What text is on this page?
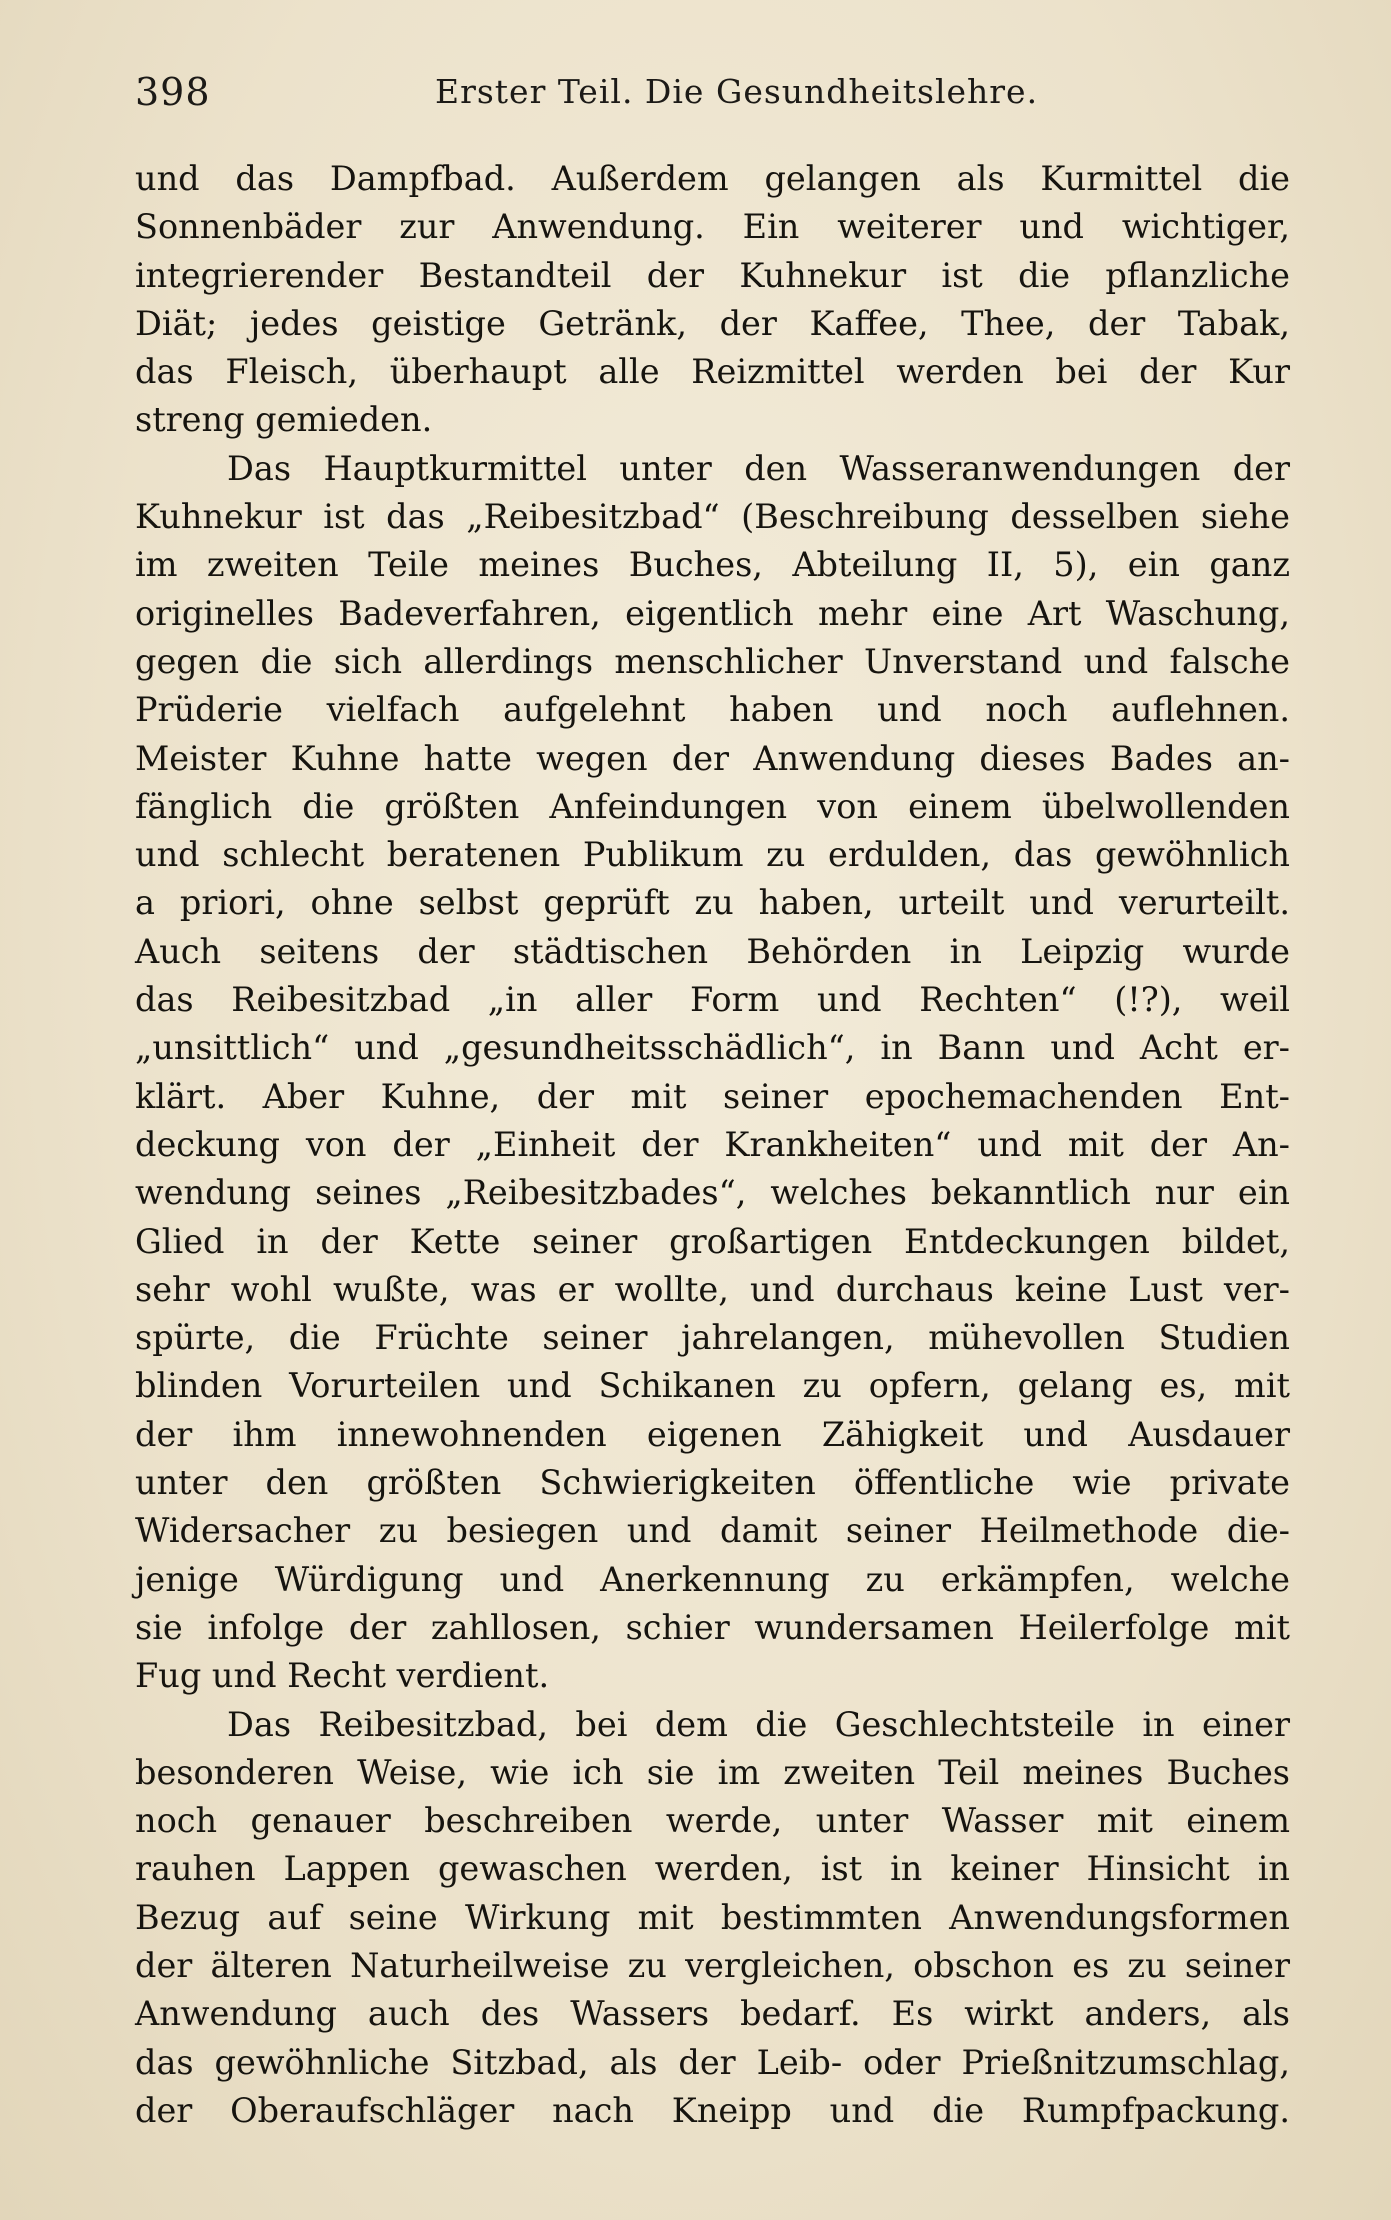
398	Erster Teil. Die Gesundheitslehre.
und das Dampfbad. Außerdem gelangen als Kurmittel die
Sonnenbäder zur Anwendung. Ein weiterer und wichtiger,
integrierender Bestandteil der Kuhnekur ist die pflanzliche
Diät; jedes geistige Getränk, der Kaffee, Thee, der Tabak,
das Fleisch, überhaupt alle Reizmittel werden bei der Kur
streng gemieden.
Das Hauptkurmittel unter den Wasseranwendungen der
Kuhnekur ist das „Reibesitzbad“ (Beschreibung desselben siehe
im zweiten Teile meines Buches, Abteilung II, 5), ein ganz
originelles Badeverfahren, eigentlich mehr eine Art Waschung,
gegen die sich allerdings menschlicher Unverstand und falsche
Prüderie vielfach aufgelehnt haben und noch auflehnen.
Meister Kuhne hatte wegen der Anwendung dieses Bades an-
fänglich die größten Anfeindungen von einem übelwollenden
und schlecht beratenen Publikum zu erdulden, das gewöhnlich
a priori, ohne selbst geprüft zu haben, urteilt und verurteilt.
Auch seitens der städtischen Behörden in Leipzig wurde
das Reibesitzbad „in aller Form und Rechten“ (!?), weil
„unsittlich“ und „gesundheitsschädlich“, in Bann und Acht er-
klärt. Aber Kuhne, der mit seiner epochemachenden Ent-
deckung von der „Einheit der Krankheiten“ und mit der An-
wendung seines „Reibesitzbades“, welches bekanntlich nur ein
Glied in der Kette seiner großartigen Entdeckungen bildet,
sehr wohl wußte, was er wollte, und durchaus keine Lust ver-
spürte, die Früchte seiner jahrelangen, mühevollen Studien
blinden Vorurteilen und Schikanen zu opfern, gelang es, mit
der ihm innewohnenden eigenen Zähigkeit und Ausdauer
unter den größten Schwierigkeiten öffentliche wie private
Widersacher zu besiegen und damit seiner Heilmethode die-
jenige Würdigung und Anerkennung zu erkämpfen, welche
sie infolge der zahllosen, schier wundersamen Heilerfolge mit
Fug und Recht verdient.
Das Reibesitzbad, bei dem die Geschlechtsteile in einer
besonderen Weise, wie ich sie im zweiten Teil meines Buches
noch genauer beschreiben werde, unter Wasser mit einem
rauhen Lappen gewaschen werden, ist in keiner Hinsicht in
Bezug auf seine Wirkung mit bestimmten Anwendungsformen
der älteren Naturheilweise zu vergleichen, obschon es zu seiner
Anwendung auch des Wassers bedarf. Es wirkt anders, als
das gewöhnliche Sitzbad, als der Leib- oder Prießnitzumschlag,
der Oberaufschläger nach Kneipp und die Rumpfpackung.
